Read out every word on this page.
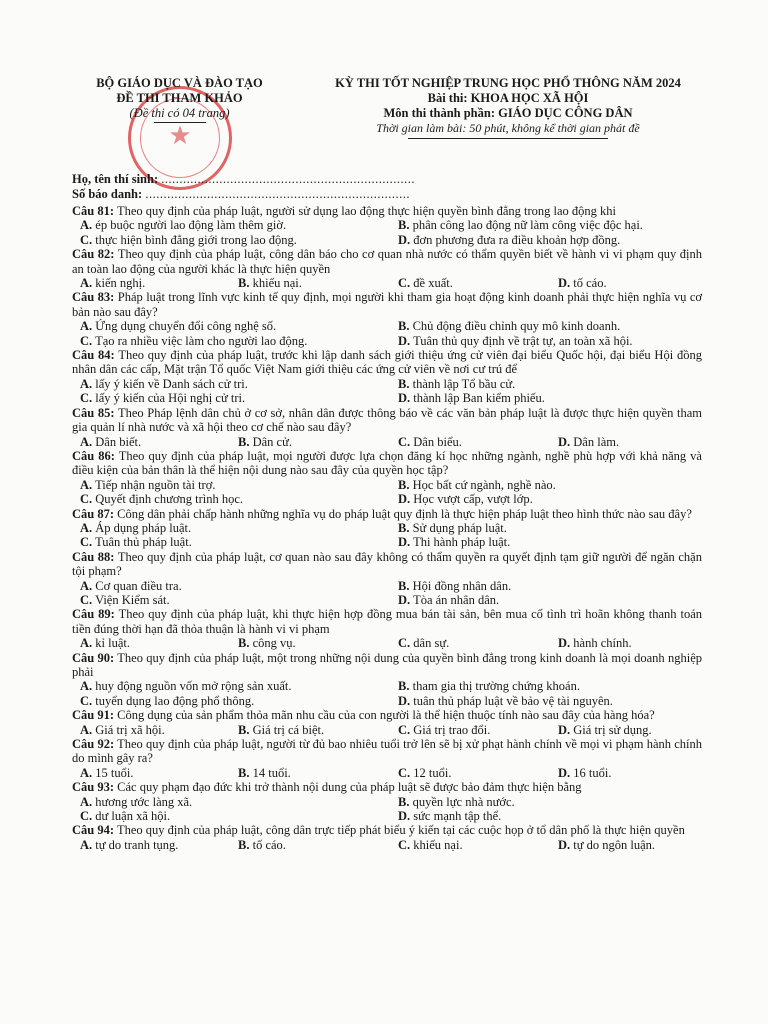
★
BỘ GIÁO DỤC VÀ ĐÀO TẠO
ĐỀ THI THAM KHẢO
(Đề thi có 04 trang)
KỲ THI TỐT NGHIỆP TRUNG HỌC PHỔ THÔNG NĂM 2024
Bài thi: KHOA HỌC XÃ HỘI
Môn thi thành phần: GIÁO DỤC CÔNG DÂN
Thời gian làm bài: 50 phút, không kể thời gian phát đề
Họ, tên thí sinh: ......................................................................
Số báo danh: .........................................................................
Câu 81: Theo quy định của pháp luật, người sử dụng lao động thực hiện quyền bình đẳng trong lao động khi
A. ép buộc người lao động làm thêm giờ.	B. phân công lao động nữ làm công việc độc hại.
C. thực hiện bình đẳng giới trong lao động.	D. đơn phương đưa ra điều khoản hợp đồng.
Câu 82: Theo quy định của pháp luật, công dân báo cho cơ quan nhà nước có thẩm quyền biết về hành vi vi phạm quy định an toàn lao động của người khác là thực hiện quyền
A. kiến nghị.	B. khiếu nại.	C. đề xuất.	D. tố cáo.
Câu 83: Pháp luật trong lĩnh vực kinh tế quy định, mọi người khi tham gia hoạt động kinh doanh phải thực hiện nghĩa vụ cơ bản nào sau đây?
A. Ứng dụng chuyển đổi công nghệ số.	B. Chủ động điều chỉnh quy mô kinh doanh.
C. Tạo ra nhiều việc làm cho người lao động.	D. Tuân thủ quy định về trật tự, an toàn xã hội.
Câu 84: Theo quy định của pháp luật, trước khi lập danh sách giới thiệu ứng cử viên đại biểu Quốc hội, đại biểu Hội đồng nhân dân các cấp, Mặt trận Tổ quốc Việt Nam giới thiệu các ứng cử viên về nơi cư trú để
A. lấy ý kiến về Danh sách cử tri.	B. thành lập Tổ bầu cử.
C. lấy ý kiến của Hội nghị cử tri.	D. thành lập Ban kiểm phiếu.
Câu 85: Theo Pháp lệnh dân chủ ở cơ sở, nhân dân được thông báo về các văn bản pháp luật là được thực hiện quyền tham gia quản lí nhà nước và xã hội theo cơ chế nào sau đây?
A. Dân biết.	B. Dân cử.	C. Dân biểu.	D. Dân làm.
Câu 86: Theo quy định của pháp luật, mọi người được lựa chọn đăng kí học những ngành, nghề phù hợp với khả năng và điều kiện của bản thân là thể hiện nội dung nào sau đây của quyền học tập?
A. Tiếp nhận nguồn tài trợ.	B. Học bất cứ ngành, nghề nào.
C. Quyết định chương trình học.	D. Học vượt cấp, vượt lớp.
Câu 87: Công dân phải chấp hành những nghĩa vụ do pháp luật quy định là thực hiện pháp luật theo hình thức nào sau đây?
A. Áp dụng pháp luật.	B. Sử dụng pháp luật.
C. Tuân thủ pháp luật.	D. Thi hành pháp luật.
Câu 88: Theo quy định của pháp luật, cơ quan nào sau đây không có thẩm quyền ra quyết định tạm giữ người để ngăn chặn tội phạm?
A. Cơ quan điều tra.	B. Hội đồng nhân dân.
C. Viện Kiểm sát.	D. Tòa án nhân dân.
Câu 89: Theo quy định của pháp luật, khi thực hiện hợp đồng mua bán tài sản, bên mua cố tình trì hoãn không thanh toán tiền đúng thời hạn đã thỏa thuận là hành vi vi phạm
A. kỉ luật.	B. công vụ.	C. dân sự.	D. hành chính.
Câu 90: Theo quy định của pháp luật, một trong những nội dung của quyền bình đẳng trong kinh doanh là mọi doanh nghiệp phải
A. huy động nguồn vốn mở rộng sản xuất.	B. tham gia thị trường chứng khoán.
C. tuyển dụng lao động phổ thông.	D. tuân thủ pháp luật về bảo vệ tài nguyên.
Câu 91: Công dụng của sản phẩm thỏa mãn nhu cầu của con người là thể hiện thuộc tính nào sau đây của hàng hóa?
A. Giá trị xã hội.	B. Giá trị cá biệt.	C. Giá trị trao đổi.	D. Giá trị sử dụng.
Câu 92: Theo quy định của pháp luật, người từ đủ bao nhiêu tuổi trở lên sẽ bị xử phạt hành chính về mọi vi phạm hành chính do mình gây ra?
A. 15 tuổi.	B. 14 tuổi.	C. 12 tuổi.	D. 16 tuổi.
Câu 93: Các quy phạm đạo đức khi trở thành nội dung của pháp luật sẽ được bảo đảm thực hiện bằng
A. hương ước làng xã.	B. quyền lực nhà nước.
C. dư luận xã hội.	D. sức mạnh tập thể.
Câu 94: Theo quy định của pháp luật, công dân trực tiếp phát biểu ý kiến tại các cuộc họp ở tổ dân phố là thực hiện quyền
A. tự do tranh tụng.	B. tố cáo.	C. khiếu nại.	D. tự do ngôn luận.
